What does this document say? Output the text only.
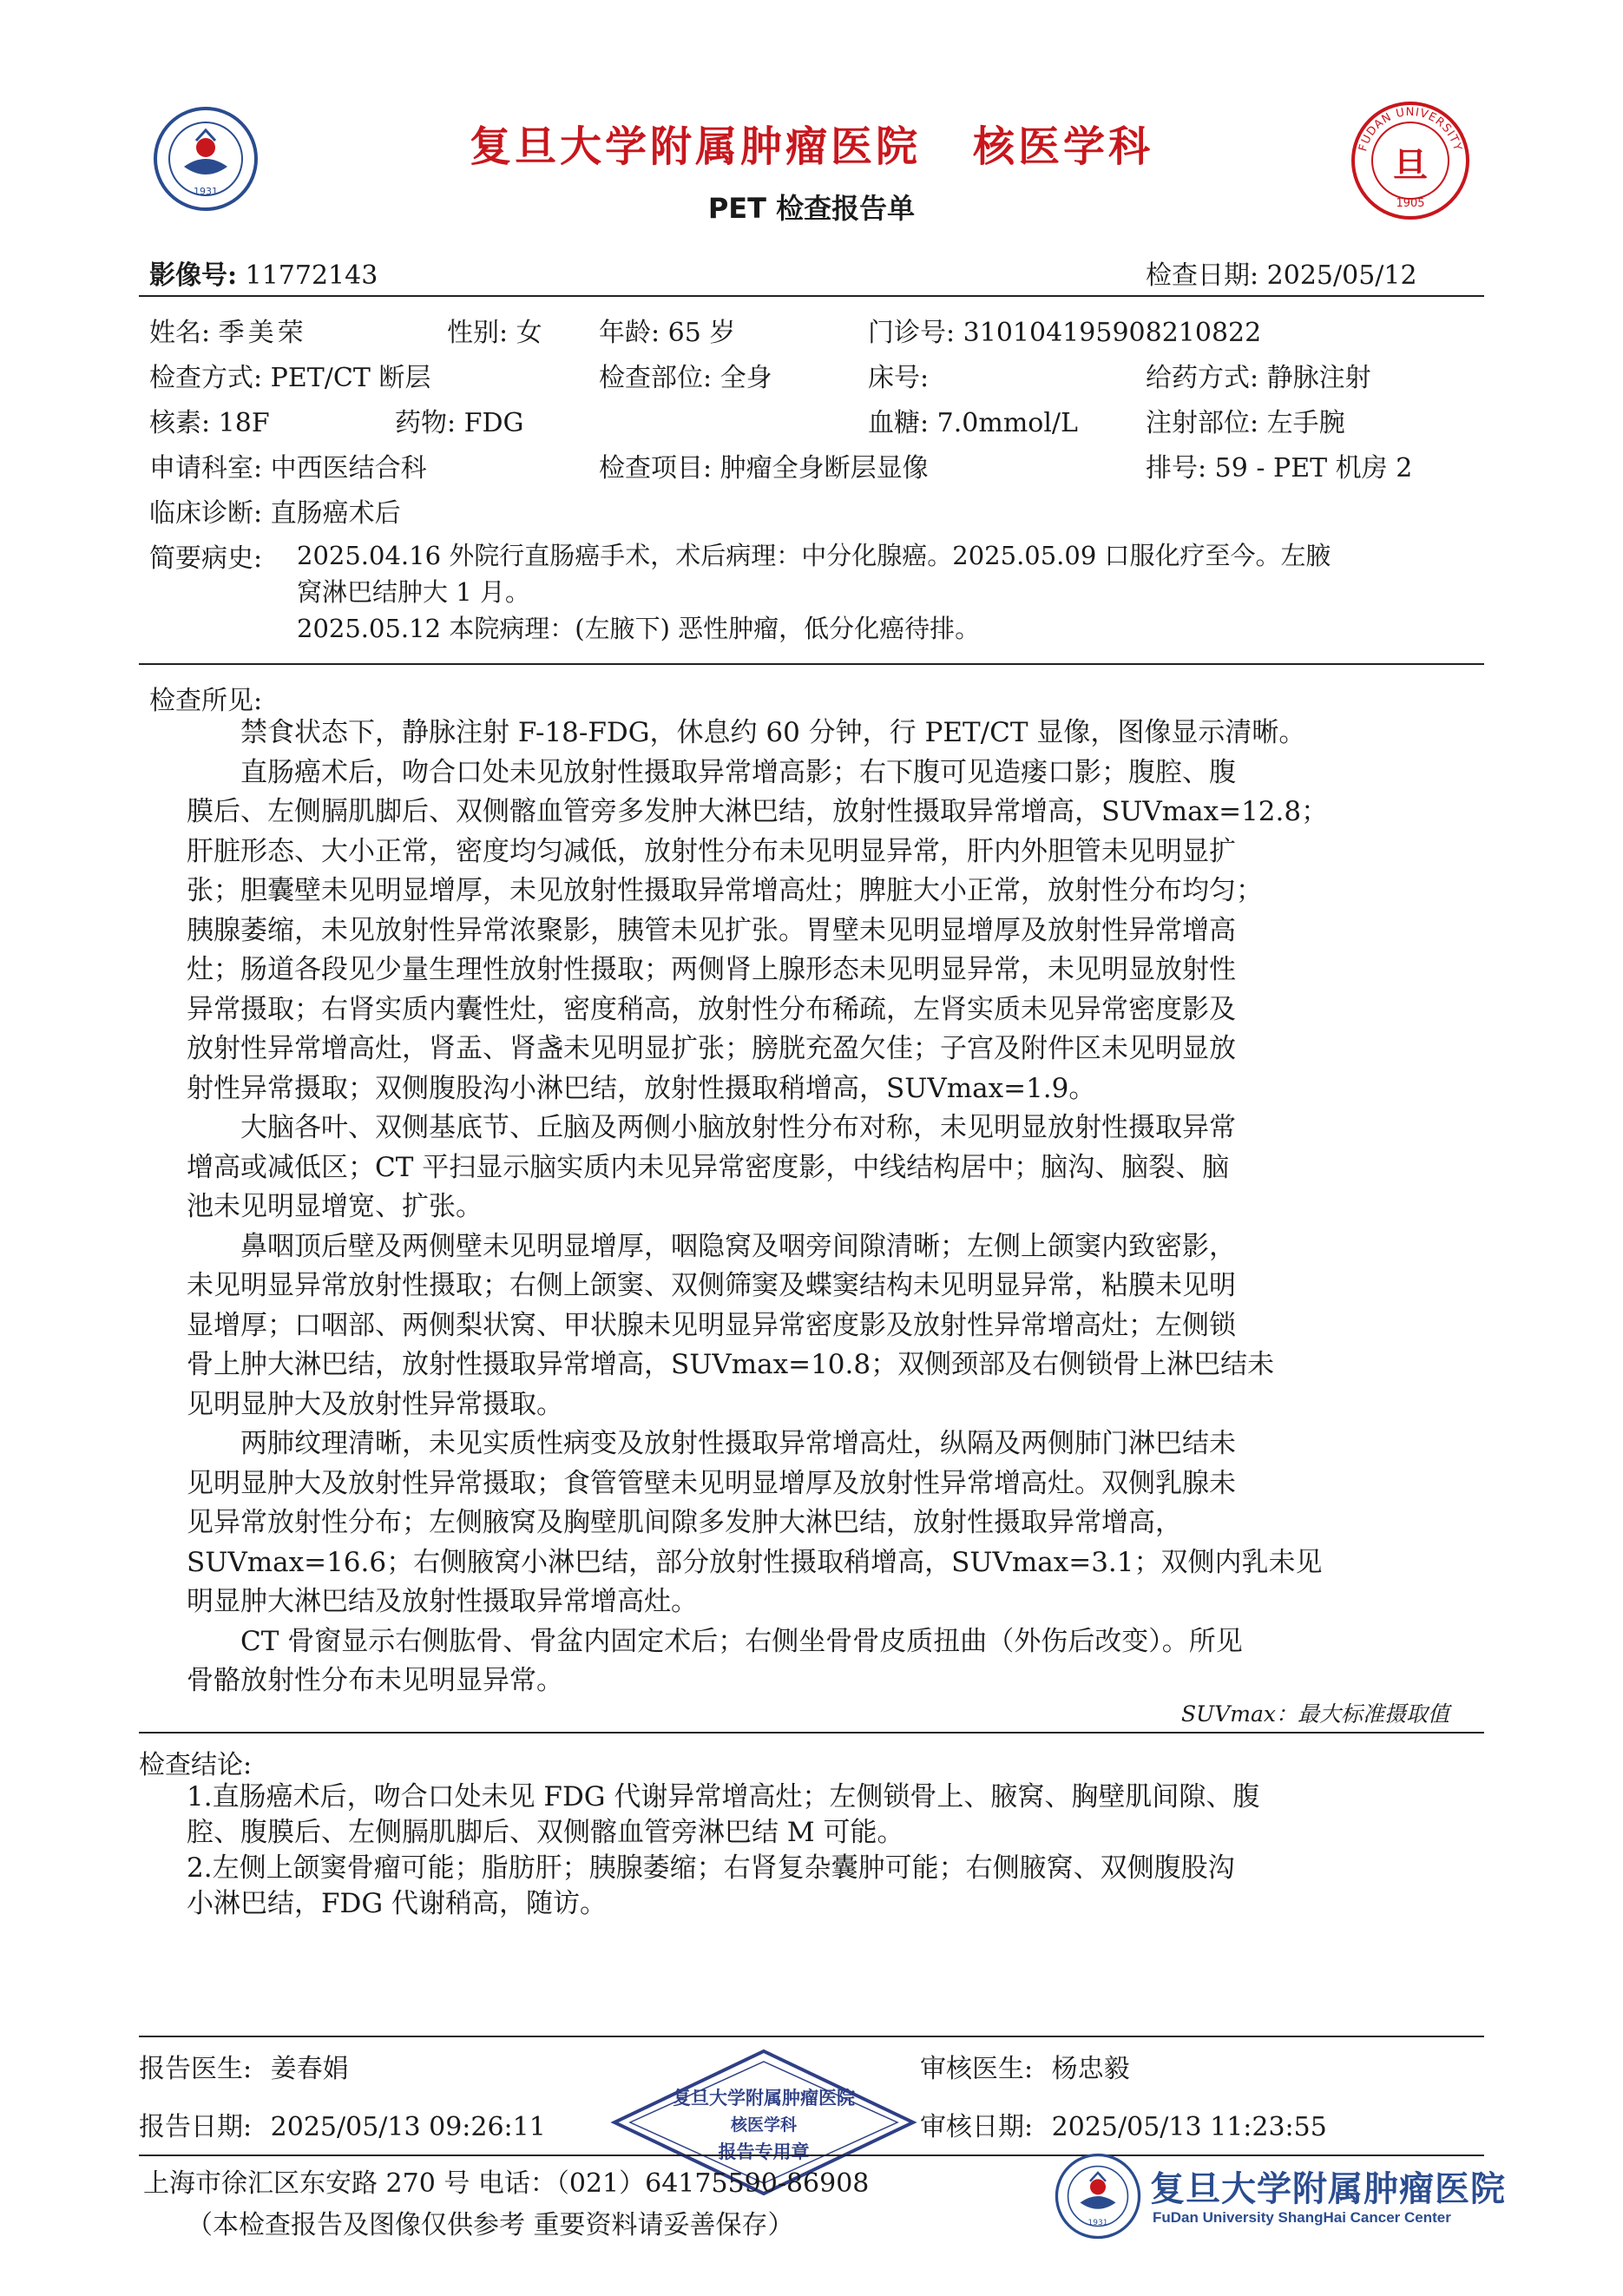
1931
复旦大学附属肿瘤医院 核医学科
PET 检查报告单
FUDAN UNIVERSITY
旦
1905
影像号: 11772143	检查日期: 2025/05/12
姓名: 季美荣	性别: 女 年龄: 65 岁	门诊号: 310104195908210822
检查方式: PET/CT 断层	检查部位: 全身	床号:	给药方式: 静脉注射
核素: 18F	药物: FDG	血糖: 7.0mmol/L	注射部位: 左手腕
申请科室: 中西医结合科	检查项目: 肿瘤全身断层显像	排号: 59 - PET 机房 2
临床诊断: 直肠癌术后
简要病史: 2025.04.16 外院行直肠癌手术，术后病理：中分化腺癌。2025.05.09 口服化疗至今。左腋
窝淋巴结肿大 1 月。
2025.05.12 本院病理：(左腋下) 恶性肿瘤，低分化癌待排。
检查所见:
禁食状态下，静脉注射 F-18-FDG，休息约 60 分钟，行 PET/CT 显像，图像显示清晰。
直肠癌术后，吻合口处未见放射性摄取异常增高影；右下腹可见造瘘口影；腹腔、腹
膜后、左侧膈肌脚后、双侧髂血管旁多发肿大淋巴结，放射性摄取异常增高，SUVmax=12.8；
肝脏形态、大小正常，密度均匀减低，放射性分布未见明显异常，肝内外胆管未见明显扩
张；胆囊壁未见明显增厚，未见放射性摄取异常增高灶；脾脏大小正常，放射性分布均匀；
胰腺萎缩，未见放射性异常浓聚影，胰管未见扩张。胃壁未见明显增厚及放射性异常增高
灶；肠道各段见少量生理性放射性摄取；两侧肾上腺形态未见明显异常，未见明显放射性
异常摄取；右肾实质内囊性灶，密度稍高，放射性分布稀疏，左肾实质未见异常密度影及
放射性异常增高灶，肾盂、肾盏未见明显扩张；膀胱充盈欠佳；子宫及附件区未见明显放
射性异常摄取；双侧腹股沟小淋巴结，放射性摄取稍增高，SUVmax=1.9。
大脑各叶、双侧基底节、丘脑及两侧小脑放射性分布对称，未见明显放射性摄取异常
增高或减低区；CT 平扫显示脑实质内未见异常密度影，中线结构居中；脑沟、脑裂、脑
池未见明显增宽、扩张。
鼻咽顶后壁及两侧壁未见明显增厚，咽隐窝及咽旁间隙清晰；左侧上颌窦内致密影，
未见明显异常放射性摄取；右侧上颌窦、双侧筛窦及蝶窦结构未见明显异常，粘膜未见明
显增厚；口咽部、两侧梨状窝、甲状腺未见明显异常密度影及放射性异常增高灶；左侧锁
骨上肿大淋巴结，放射性摄取异常增高，SUVmax=10.8；双侧颈部及右侧锁骨上淋巴结未
见明显肿大及放射性异常摄取。
两肺纹理清晰，未见实质性病变及放射性摄取异常增高灶，纵隔及两侧肺门淋巴结未
见明显肿大及放射性异常摄取；食管管壁未见明显增厚及放射性异常增高灶。双侧乳腺未
见异常放射性分布；左侧腋窝及胸壁肌间隙多发肿大淋巴结，放射性摄取异常增高，
SUVmax=16.6；右侧腋窝小淋巴结，部分放射性摄取稍增高，SUVmax=3.1；双侧内乳未见
明显肿大淋巴结及放射性摄取异常增高灶。
CT 骨窗显示右侧肱骨、骨盆内固定术后；右侧坐骨骨皮质扭曲（外伤后改变）。所见
骨骼放射性分布未见明显异常。
SUVmax：最大标准摄取值
检查结论:
1.直肠癌术后，吻合口处未见 FDG 代谢异常增高灶；左侧锁骨上、腋窝、胸壁肌间隙、腹
腔、腹膜后、左侧膈肌脚后、双侧髂血管旁淋巴结 M 可能。
2.左侧上颌窦骨瘤可能；脂肪肝；胰腺萎缩；右肾复杂囊肿可能；右侧腋窝、双侧腹股沟
小淋巴结，FDG 代谢稍高，随访。
报告医生: 姜春娟	审核医生: 杨忠毅
报告日期: 2025/05/13 09:26:11	审核日期: 2025/05/13 11:23:55
复旦大学附属肿瘤医院
核医学科
报告专用章
上海市徐汇区东安路 270 号 电话：（021）64175590-86908
（本检查报告及图像仅供参考 重要资料请妥善保存）	1931
复旦大学附属肿瘤医院
FuDan University ShangHai Cancer Center
